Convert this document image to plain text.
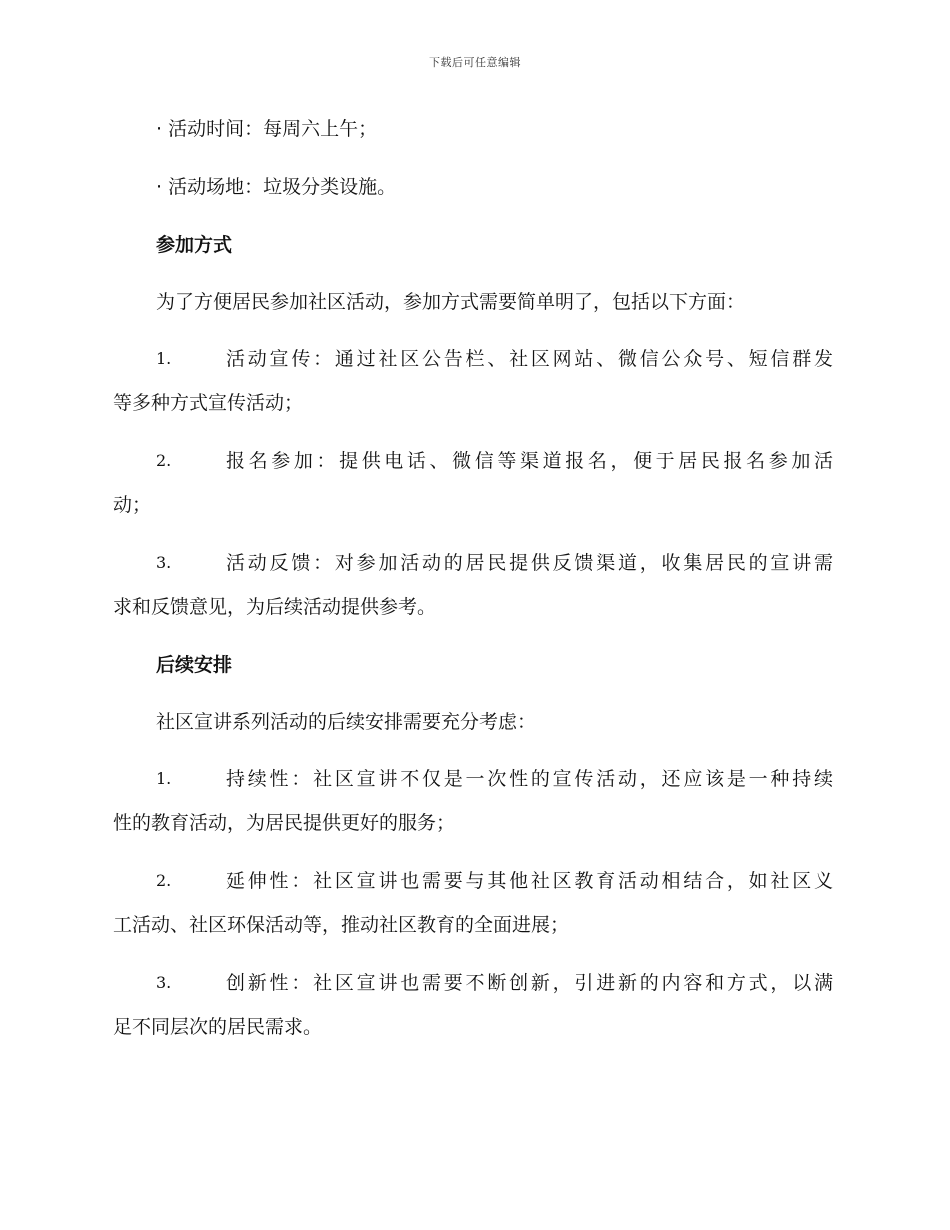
下载后可任意编辑

· 活动时间：每周六上午；

· 活动场地：垃圾分类设施。

参加方式

为了方便居民参加社区活动，参加方式需要简单明了，包括以下方面：

1.	活动宣传：通过社区公告栏、社区网站、微信公众号、短信群发
等多种方式宣传活动；
2.	报名参加：提供电话、微信等渠道报名，便于居民报名参加活
动；
3.	活动反馈：对参加活动的居民提供反馈渠道，收集居民的宣讲需
求和反馈意见，为后续活动提供参考。

后续安排

社区宣讲系列活动的后续安排需要充分考虑：

1.	持续性：社区宣讲不仅是一次性的宣传活动，还应该是一种持续
性的教育活动，为居民提供更好的服务；
2.	延伸性：社区宣讲也需要与其他社区教育活动相结合，如社区义
工活动、社区环保活动等，推动社区教育的全面进展；
3.	创新性：社区宣讲也需要不断创新，引进新的内容和方式，以满
足不同层次的居民需求。
